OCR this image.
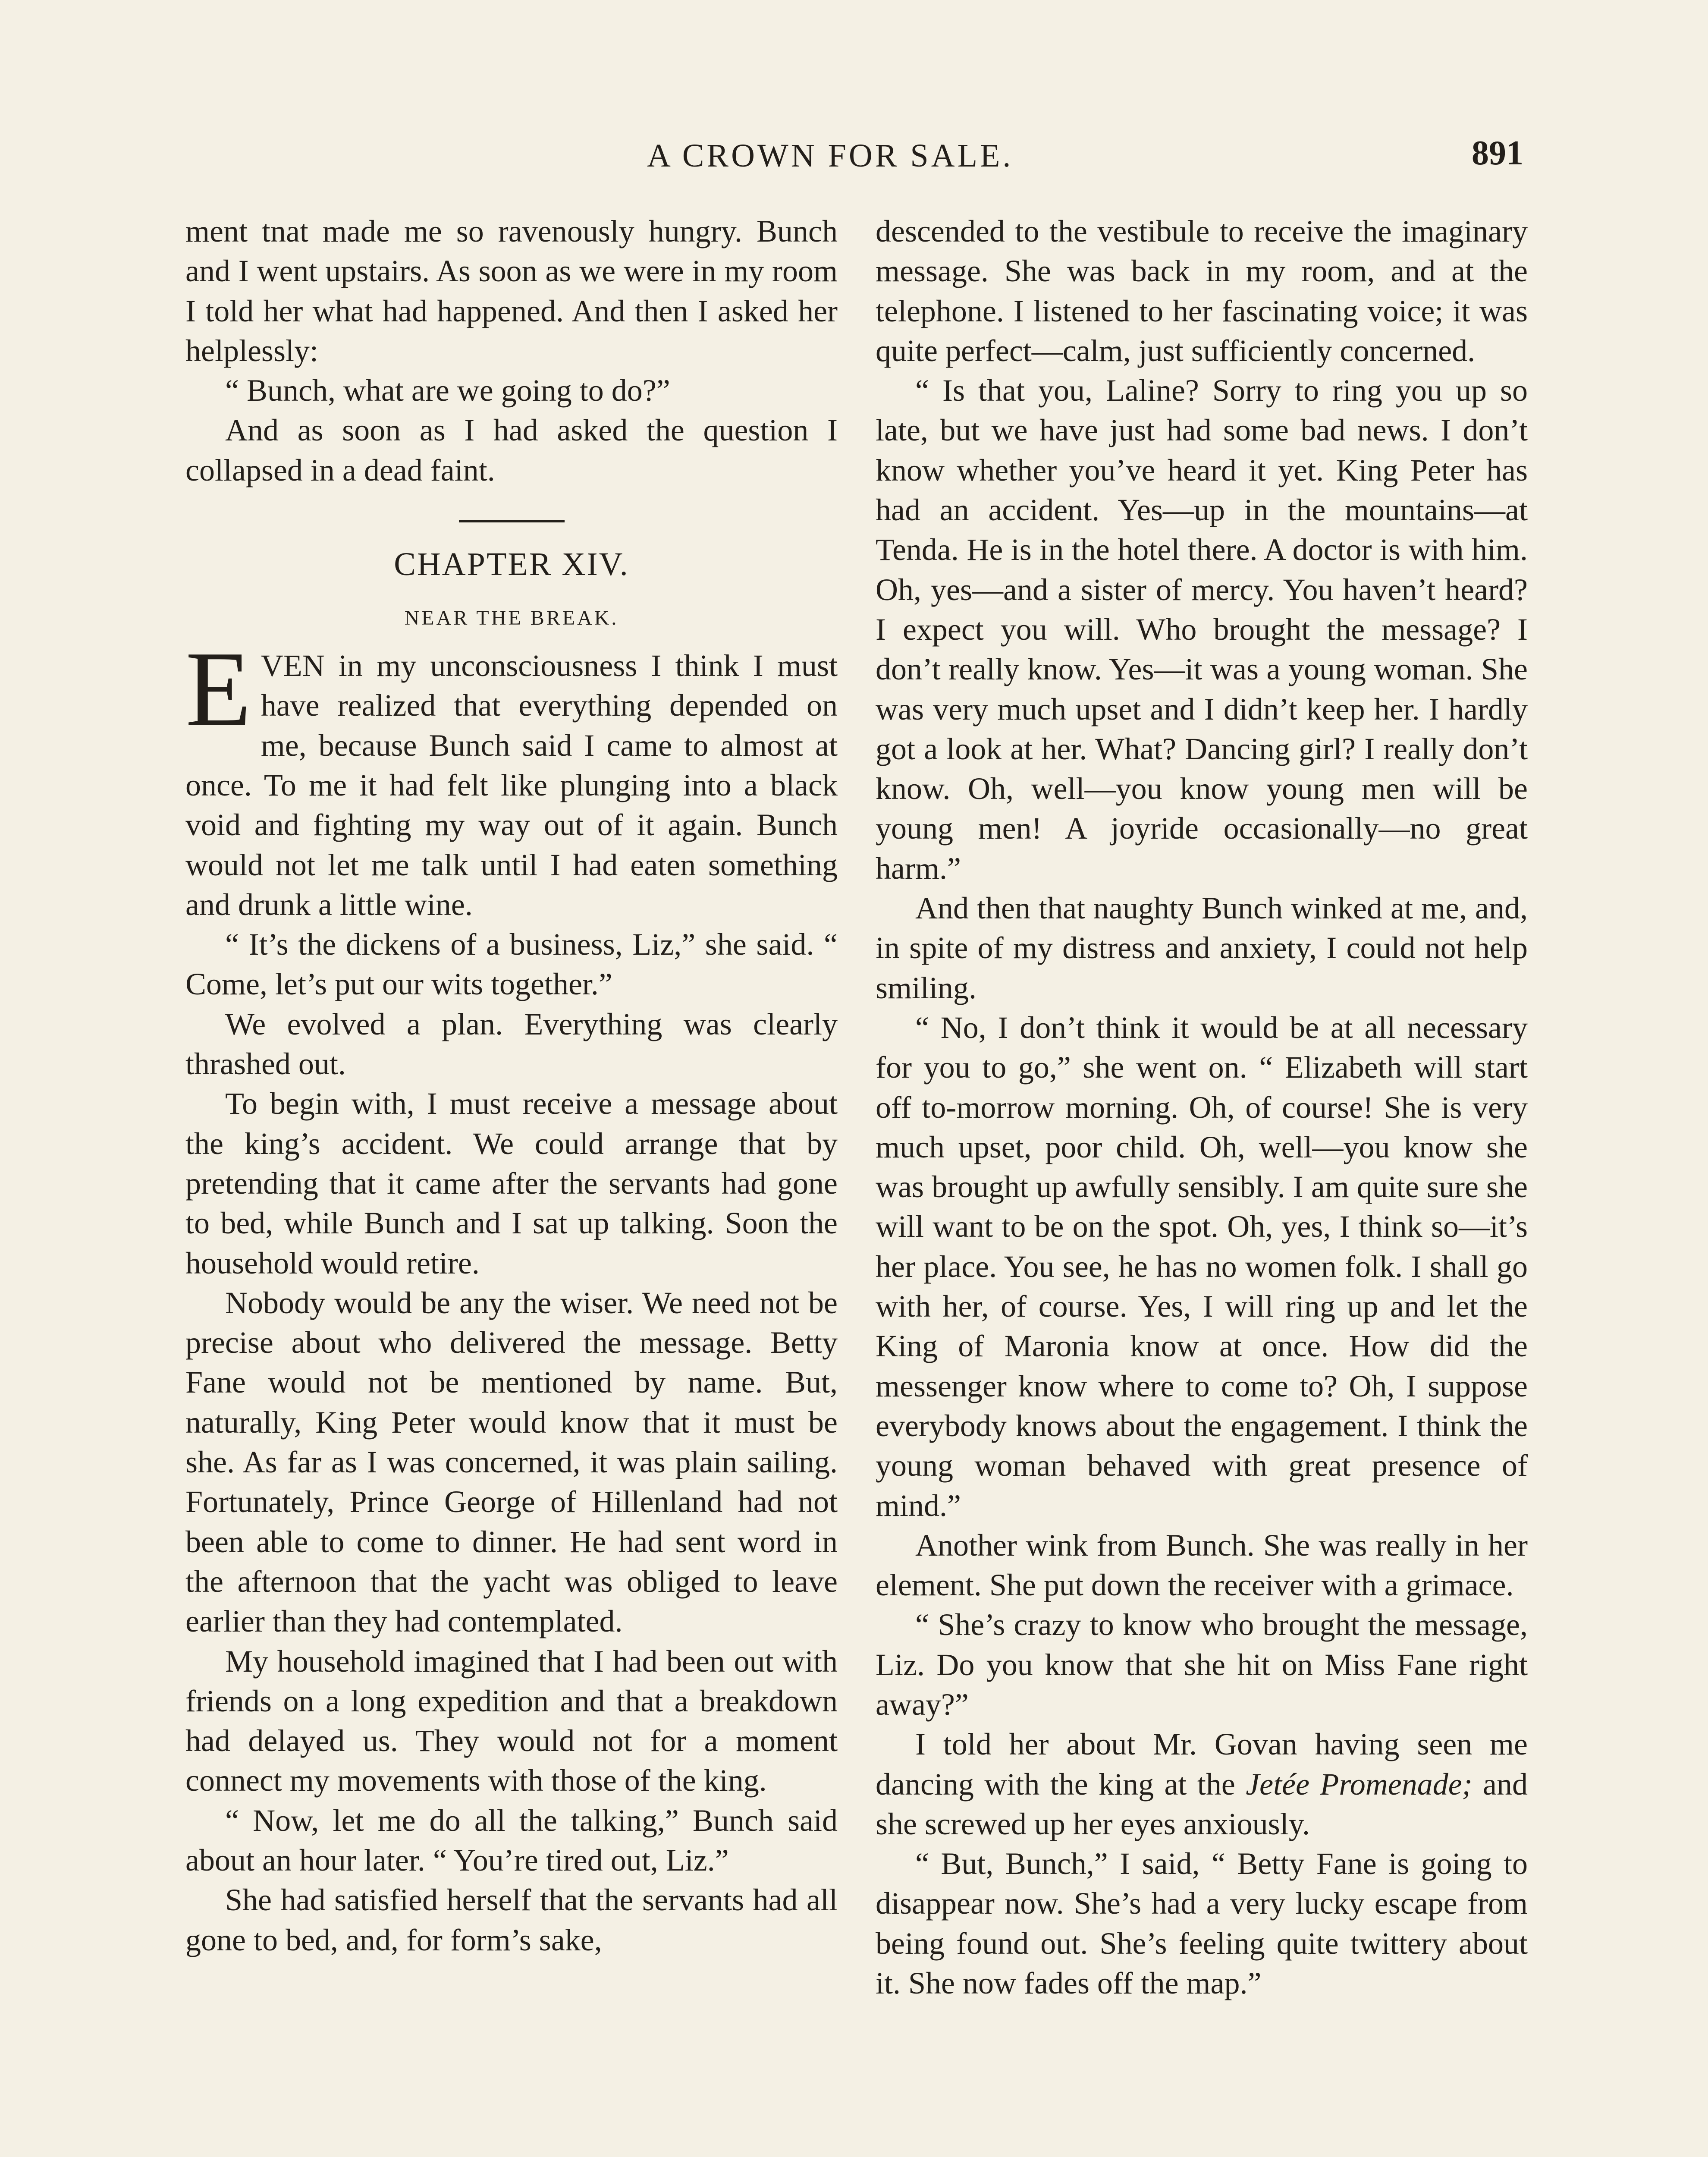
A CROWN FOR SALE.	891

ment tnat made me so ravenously hungry. Bunch and I went upstairs. As soon as we were in my room I told her what had happened. And then I asked her helplessly:

“ Bunch, what are we going to do?”

And as soon as I had asked the question I collapsed in a dead faint.

CHAPTER XIV.
NEAR THE BREAK.

EVEN in my unconsciousness I think I must have realized that everything depended on me, because Bunch said I came to almost at once. To me it had felt like plunging into a black void and fighting my way out of it again. Bunch would not let me talk until I had eaten something and drunk a little wine.

“ It’s the dickens of a business, Liz,” she said. “ Come, let’s put our wits together.”

We evolved a plan. Everything was clearly thrashed out.

To begin with, I must receive a message about the king’s accident. We could arrange that by pretending that it came after the servants had gone to bed, while Bunch and I sat up talking. Soon the household would retire.

Nobody would be any the wiser. We need not be precise about who delivered the message. Betty Fane would not be mentioned by name. But, naturally, King Peter would know that it must be she. As far as I was concerned, it was plain sailing. Fortunately, Prince George of Hillenland had not been able to come to dinner. He had sent word in the afternoon that the yacht was obliged to leave earlier than they had contemplated.

My household imagined that I had been out with friends on a long expedition and that a breakdown had delayed us. They would not for a moment connect my movements with those of the king.

“ Now, let me do all the talking,” Bunch said about an hour later. “ You’re tired out, Liz.”

She had satisfied herself that the servants had all gone to bed, and, for form’s sake,

descended to the vestibule to receive the imaginary message. She was back in my room, and at the telephone. I listened to her fascinating voice; it was quite perfect—calm, just sufficiently concerned.

“ Is that you, Laline? Sorry to ring you up so late, but we have just had some bad news. I don’t know whether you’ve heard it yet. King Peter has had an accident. Yes—up in the mountains—at Tenda. He is in the hotel there. A doctor is with him. Oh, yes—and a sister of mercy. You haven’t heard? I expect you will. Who brought the message? I don’t really know. Yes—it was a young woman. She was very much upset and I didn’t keep her. I hardly got a look at her. What? Dancing girl? I really don’t know. Oh, well—you know young men will be young men! A joyride occasionally—no great harm.”

And then that naughty Bunch winked at me, and, in spite of my distress and anxiety, I could not help smiling.

“ No, I don’t think it would be at all necessary for you to go,” she went on. “ Elizabeth will start off to-morrow morning. Oh, of course! She is very much upset, poor child. Oh, well—you know she was brought up awfully sensibly. I am quite sure she will want to be on the spot. Oh, yes, I think so—it’s her place. You see, he has no women folk. I shall go with her, of course. Yes, I will ring up and let the King of Maronia know at once. How did the messenger know where to come to? Oh, I suppose everybody knows about the engagement. I think the young woman behaved with great presence of mind.”

Another wink from Bunch. She was really in her element. She put down the receiver with a grimace.

“ She’s crazy to know who brought the message, Liz. Do you know that she hit on Miss Fane right away?”

I told her about Mr. Govan having seen me dancing with the king at the Jetée Promenade; and she screwed up her eyes anxiously.

“ But, Bunch,” I said, “ Betty Fane is going to disappear now. She’s had a very lucky escape from being found out. She’s feeling quite twittery about it. She now fades off the map.”
